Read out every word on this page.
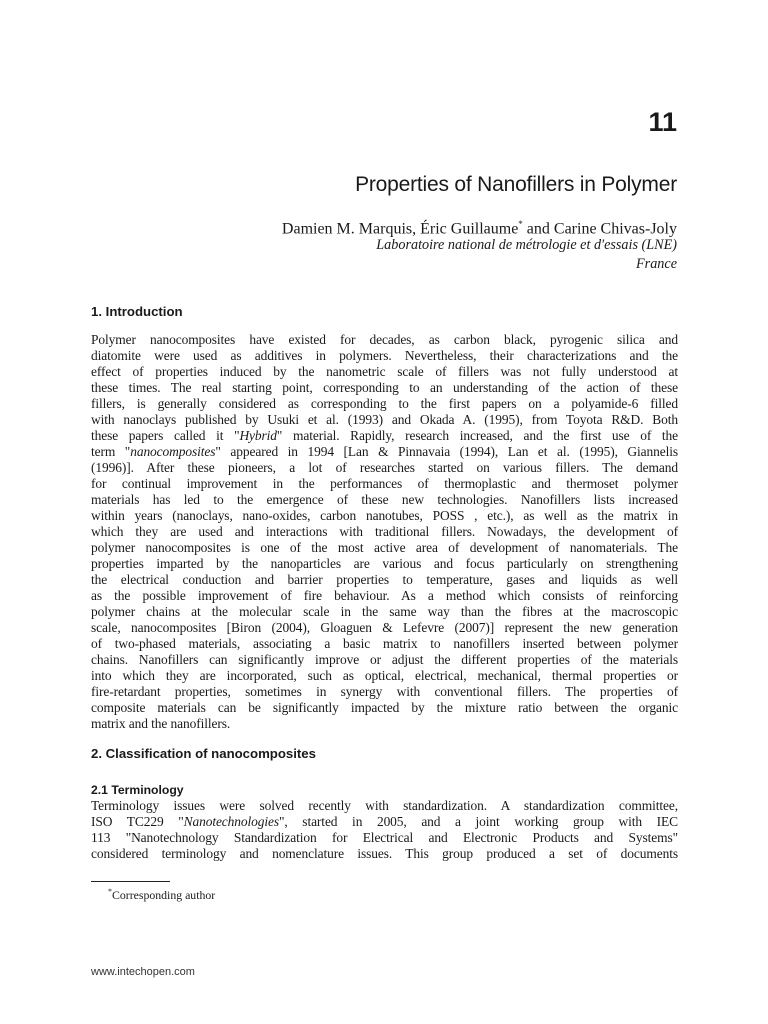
11
Properties of Nanofillers in Polymer
Damien M. Marquis, Éric Guillaume* and Carine Chivas-Joly
Laboratoire national de métrologie et d'essais (LNE)
France
1. Introduction

Polymer nanocomposites have existed for decades, as carbon black, pyrogenic silica and
diatomite were used as additives in polymers. Nevertheless, their characterizations and the
effect of properties induced by the nanometric scale of fillers was not fully understood at
these times. The real starting point, corresponding to an understanding of the action of these
fillers, is generally considered as corresponding to the first papers on a polyamide-6 filled
with nanoclays published by Usuki et al. (1993) and Okada A. (1995), from Toyota R&D. Both
these papers called it "Hybrid" material. Rapidly, research increased, and the first use of the
term "nanocomposites" appeared in 1994 [Lan & Pinnavaia (1994), Lan et al. (1995), Giannelis
(1996)]. After these pioneers, a lot of researches started on various fillers. The demand
for continual improvement in the performances of thermoplastic and thermoset polymer
materials has led to the emergence of these new technologies. Nanofillers lists increased
within years (nanoclays, nano-oxides, carbon nanotubes, POSS , etc.), as well as the matrix in
which they are used and interactions with traditional fillers. Nowadays, the development of
polymer nanocomposites is one of the most active area of development of nanomaterials. The
properties imparted by the nanoparticles are various and focus particularly on strengthening
the electrical conduction and barrier properties to temperature, gases and liquids as well
as the possible improvement of fire behaviour. As a method which consists of reinforcing
polymer chains at the molecular scale in the same way than the fibres at the macroscopic
scale, nanocomposites [Biron (2004), Gloaguen & Lefevre (2007)] represent the new generation
of two-phased materials, associating a basic matrix to nanofillers inserted between polymer
chains. Nanofillers can significantly improve or adjust the different properties of the materials
into which they are incorporated, such as optical, electrical, mechanical, thermal properties or
fire-retardant properties, sometimes in synergy with conventional fillers. The properties of
composite materials can be significantly impacted by the mixture ratio between the organic
matrix and the nanofillers.

2. Classification of nanocomposites
2.1 Terminology

Terminology issues were solved recently with standardization. A standardization committee,
ISO TC229 "Nanotechnologies", started in 2005, and a joint working group with IEC
113 "Nanotechnology Standardization for Electrical and Electronic Products and Systems"
considered terminology and nomenclature issues. This group produced a set of documents

*Corresponding author
www.intechopen.com
